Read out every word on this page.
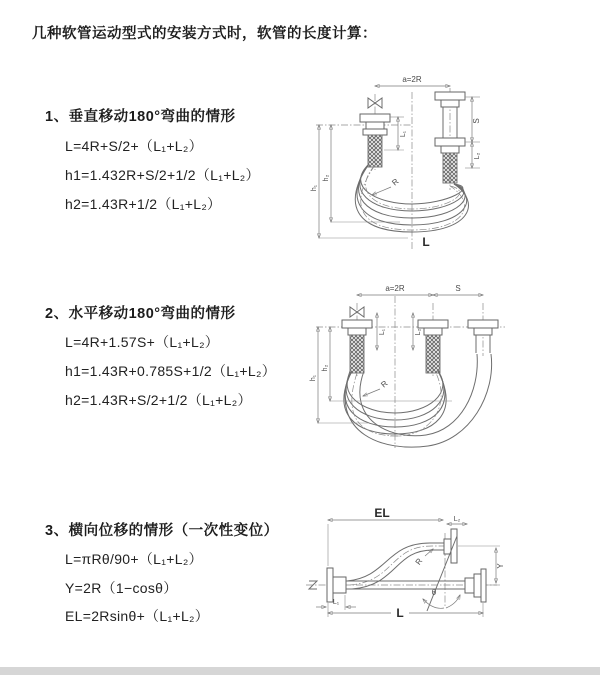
几种软管运动型式的安装方式时，软管的长度计算：
1、垂直移动180°弯曲的情形
L=4R+S/2+（L₁+L₂）
h1=1.432R+S/2+1/2（L₁+L₂）
h2=1.43R+1/2（L₁+L₂）
2、水平移动180°弯曲的情形
L=4R+1.57S+（L₁+L₂）
h1=1.43R+0.785S+1/2（L₁+L₂）
h2=1.43R+S/2+1/2（L₁+L₂）
3、横向位移的情形（一次性变位）
L=πRθ/90+（L₁+L₂）
Y=2R（1−cosθ）
EL=2Rsinθ+（L₁+L₂）
a=2R
S
L₂
h₁
h₂
L₁
R
L
a=2R	S
L₁	L₂
h₁
h₂
R
θ
EL	L₂
Y
R
L
L₁
